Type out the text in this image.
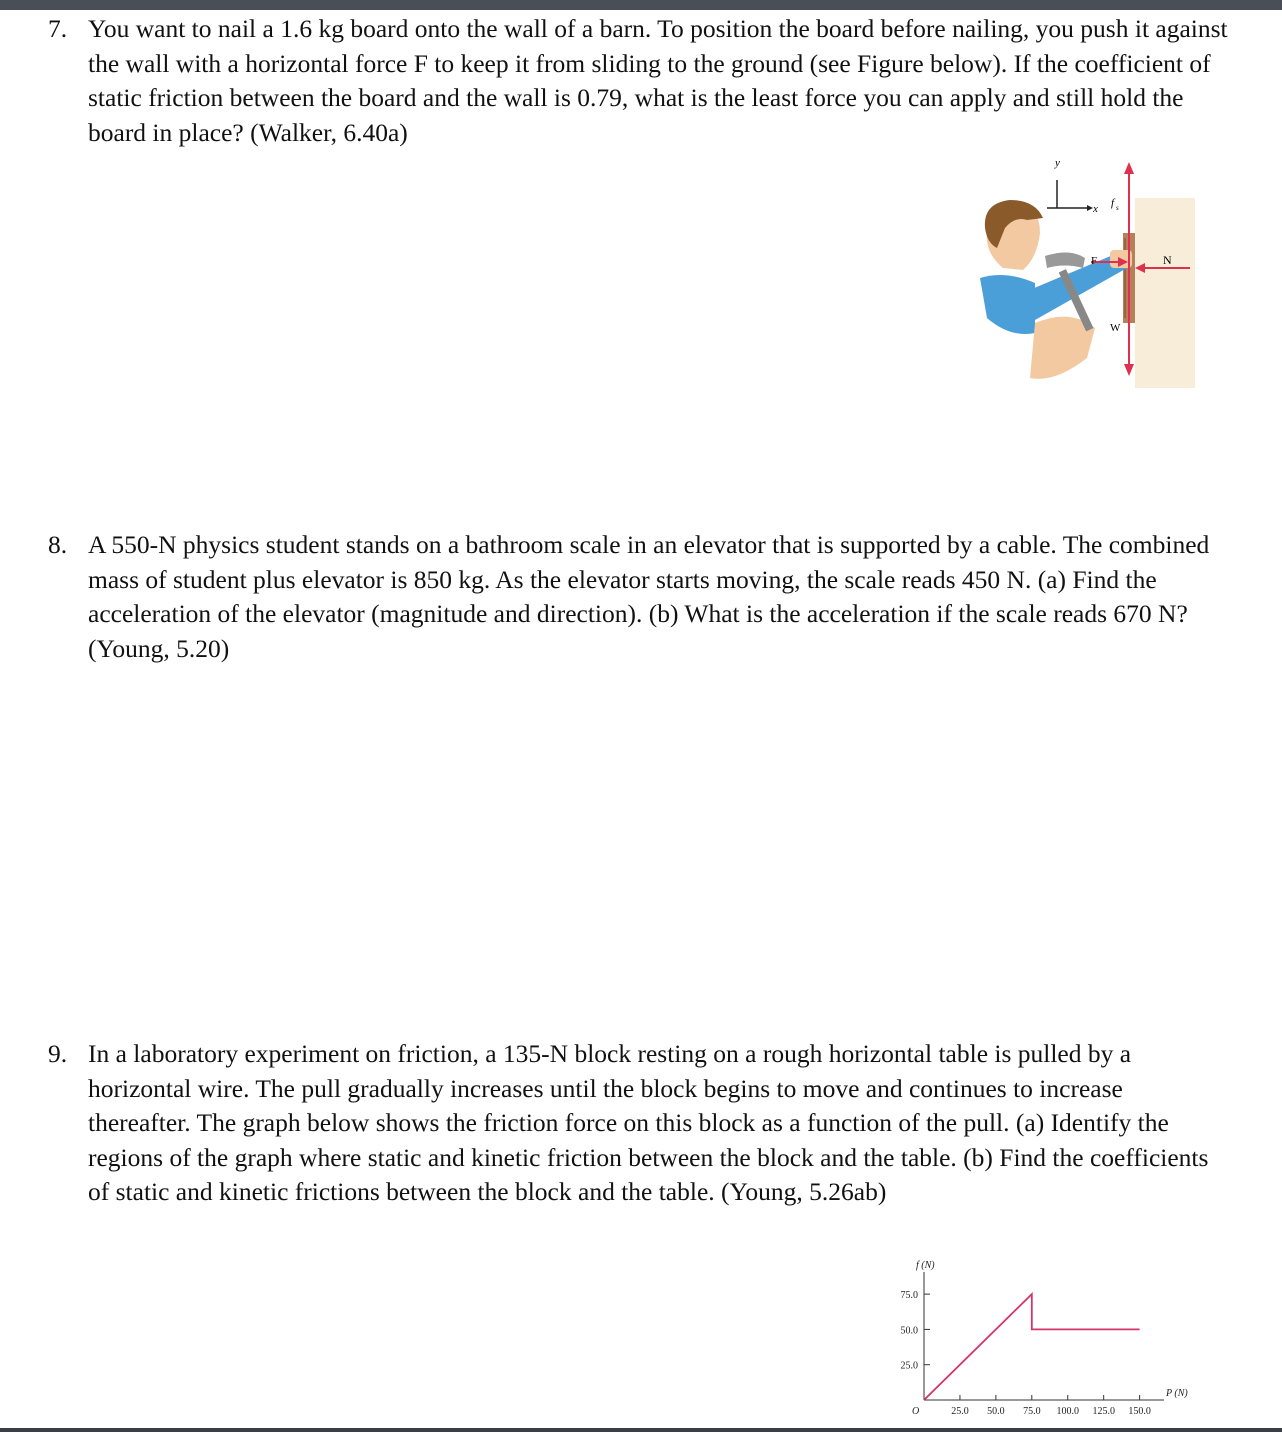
7. You want to nail a 1.6 kg board onto the wall of a barn. To position the board before nailing, you push it against the wall with a horizontal force F to keep it from sliding to the ground (see Figure below). If the coefficient of static friction between the board and the wall is 0.79, what is the least force you can apply and still hold the board in place? (Walker, 6.40a)
y
x f s
F	N
W
8. A 550-N physics student stands on a bathroom scale in an elevator that is supported by a cable. The combined mass of student plus elevator is 850 kg. As the elevator starts moving, the scale reads 450 N. (a) Find the acceleration of the elevator (magnitude and direction). (b) What is the acceleration if the scale reads 670 N? (Young, 5.20)
9. In a laboratory experiment on friction, a 135-N block resting on a rough horizontal table is pulled by a horizontal wire. The pull gradually increases until the block begins to move and continues to increase thereafter. The graph below shows the friction force on this block as a function of the pull. (a) Identify the regions of the graph where static and kinetic friction between the block and the table. (b) Find the coefficients of static and kinetic frictions between the block and the table. (Young, 5.26ab)
25.0
50.0
75.0
25.0 50.0 75.0 100.0 125.0 150.0
O
f (N)
P (N)
